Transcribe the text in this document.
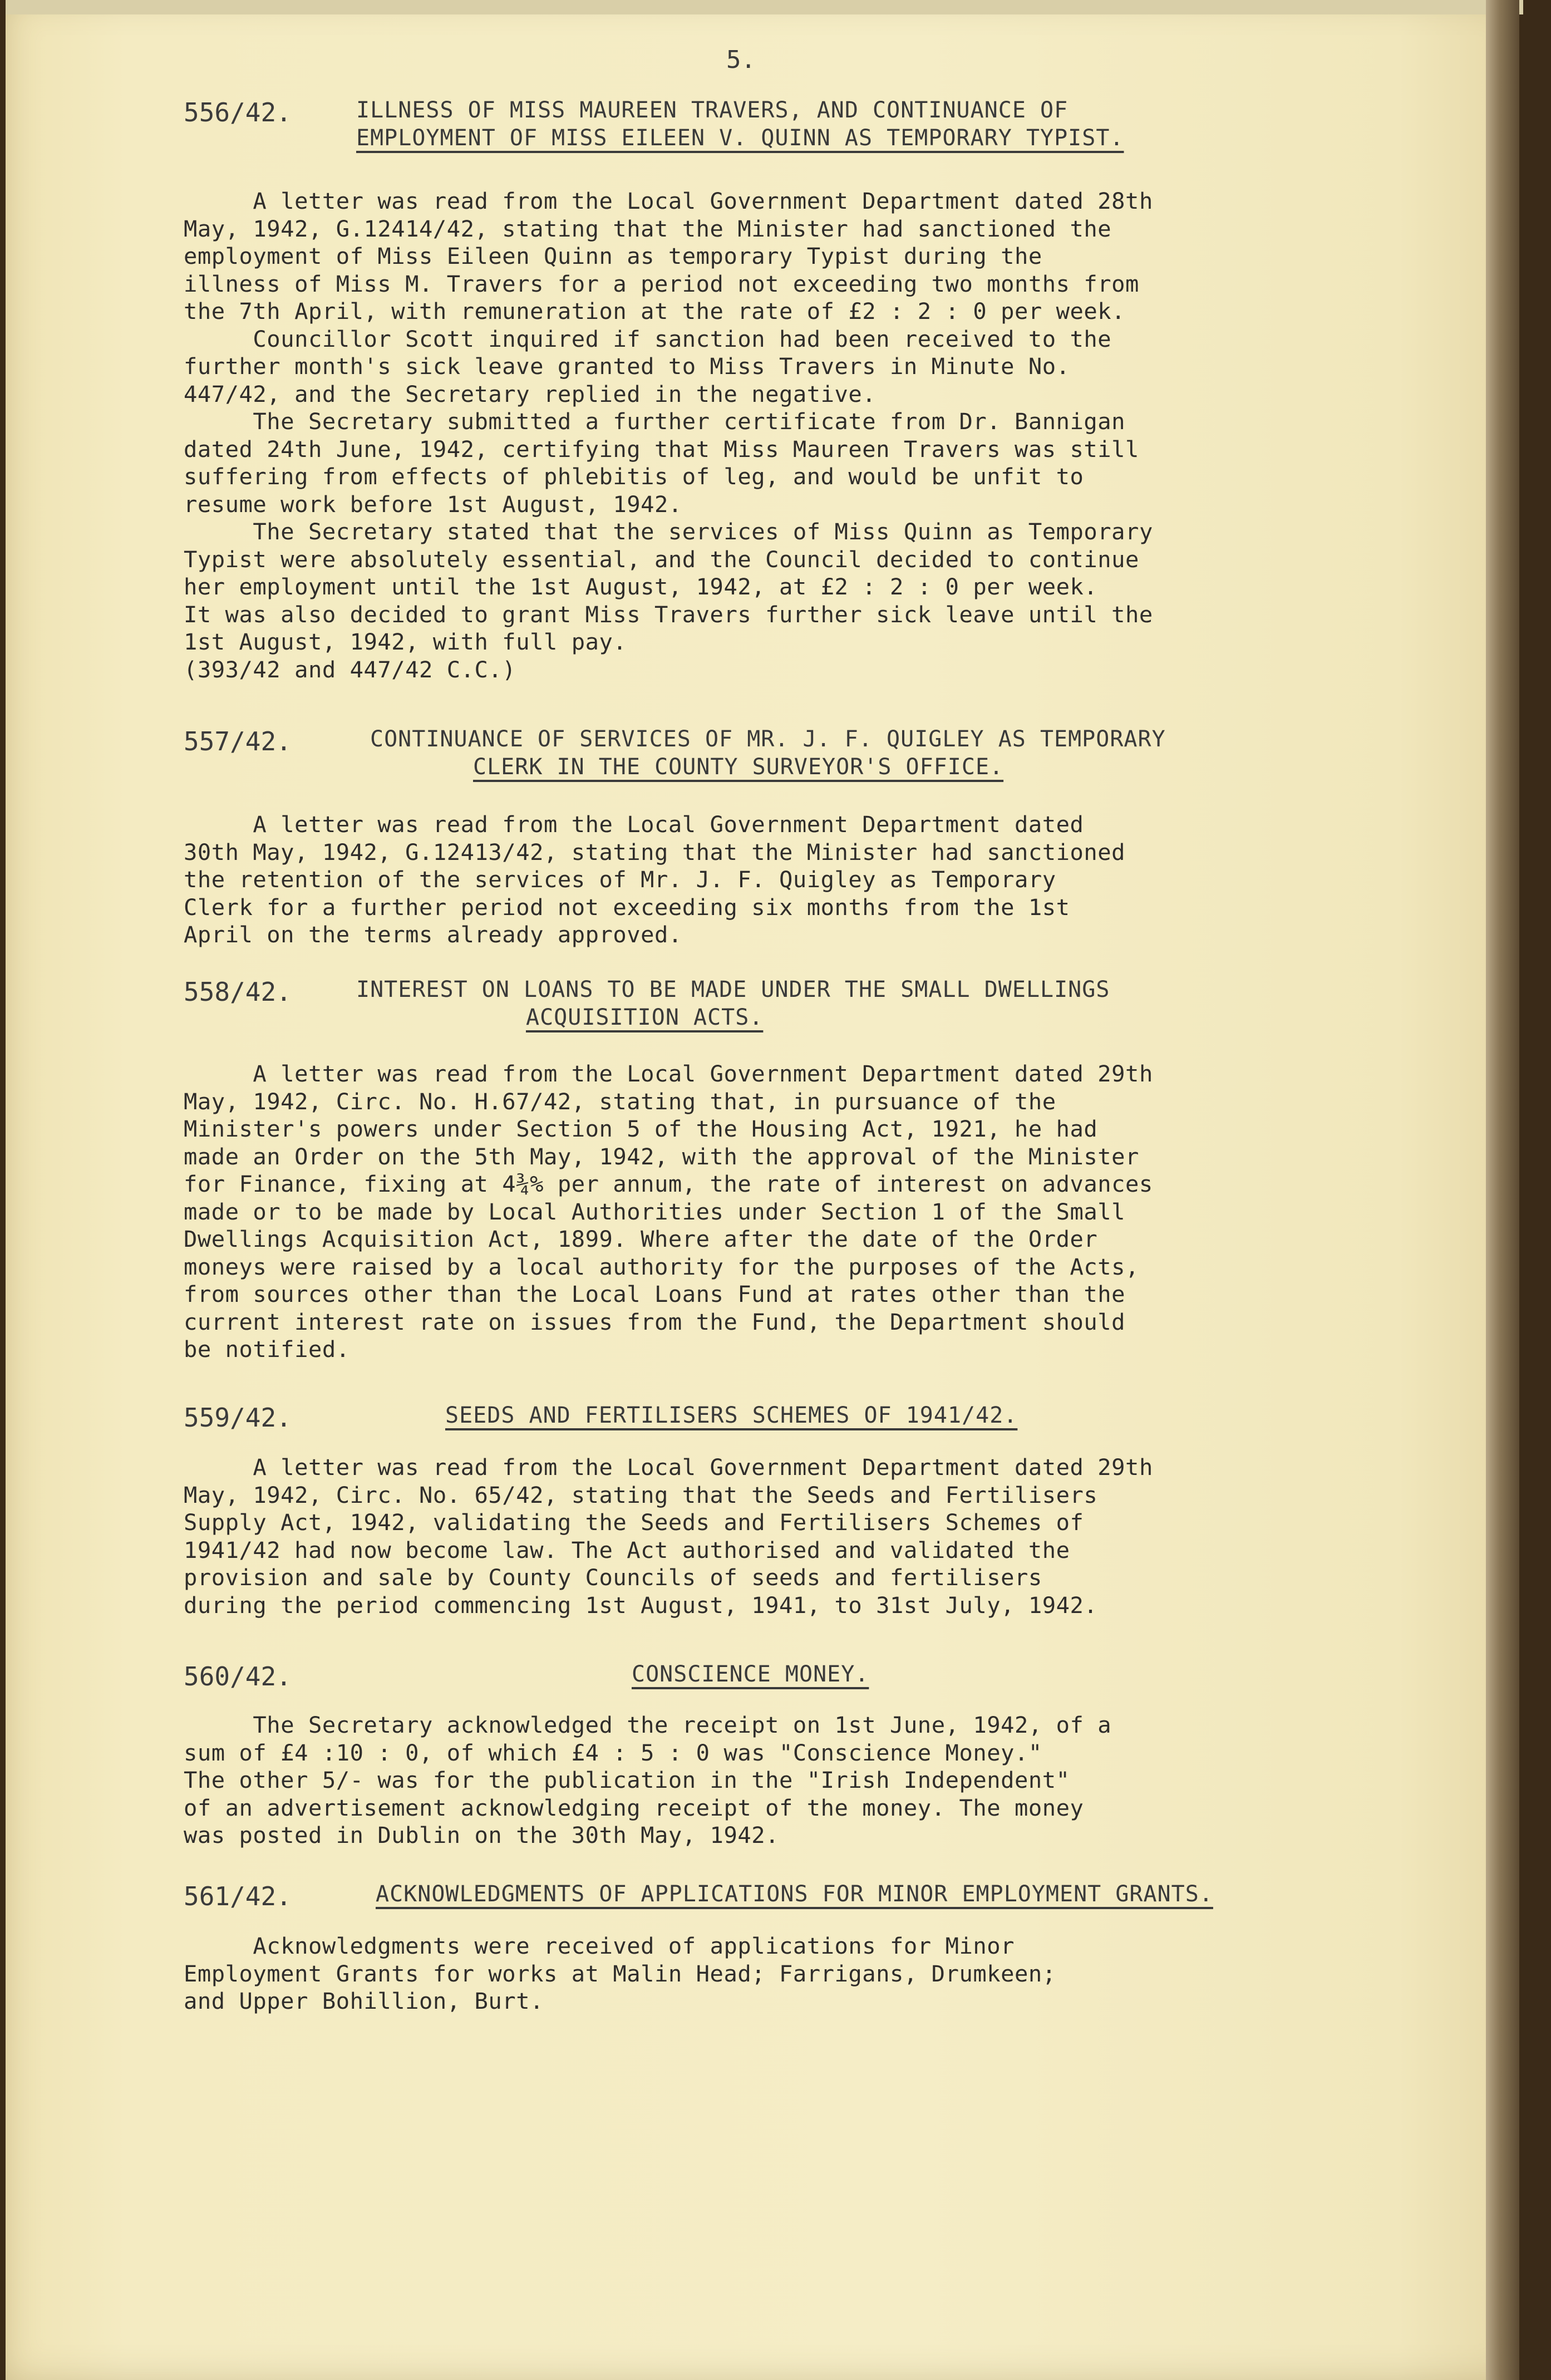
5.
556/42.	ILLNESS OF MISS MAUREEN TRAVERS, AND CONTINUANCE OF
EMPLOYMENT OF MISS EILEEN V. QUINN AS TEMPORARY TYPIST.
A letter was read from the Local Government Department dated 28th
May, 1942, G.12414/42, stating that the Minister had sanctioned the
employment of Miss Eileen Quinn as temporary Typist during the
illness of Miss M. Travers for a period not exceeding two months from
the 7th April, with remuneration at the rate of £2 : 2 : 0 per week.
Councillor Scott inquired if sanction had been received to the
further month's sick leave granted to Miss Travers in Minute No.
447/42, and the Secretary replied in the negative.
The Secretary submitted a further certificate from Dr. Bannigan
dated 24th June, 1942, certifying that Miss Maureen Travers was still
suffering from effects of phlebitis of leg, and would be unfit to
resume work before 1st August, 1942.
The Secretary stated that the services of Miss Quinn as Temporary
Typist were absolutely essential, and the Council decided to continue
her employment until the 1st August, 1942, at £2 : 2 : 0 per week.
It was also decided to grant Miss Travers further sick leave until the
1st August, 1942, with full pay.
(393/42 and 447/42 C.C.)
557/42.	CONTINUANCE OF SERVICES OF MR. J. F. QUIGLEY AS TEMPORARY
CLERK IN THE COUNTY SURVEYOR'S OFFICE.
A letter was read from the Local Government Department dated
30th May, 1942, G.12413/42, stating that the Minister had sanctioned
the retention of the services of Mr. J. F. Quigley as Temporary
Clerk for a further period not exceeding six months from the 1st
April on the terms already approved.
558/42.	INTEREST ON LOANS TO BE MADE UNDER THE SMALL DWELLINGS
ACQUISITION ACTS.
A letter was read from the Local Government Department dated 29th
May, 1942, Circ. No. H.67/42, stating that, in pursuance of the
Minister's powers under Section 5 of the Housing Act, 1921, he had
made an Order on the 5th May, 1942, with the approval of the Minister
for Finance, fixing at 4¾% per annum, the rate of interest on advances
made or to be made by Local Authorities under Section 1 of the Small
Dwellings Acquisition Act, 1899. Where after the date of the Order
moneys were raised by a local authority for the purposes of the Acts,
from sources other than the Local Loans Fund at rates other than the
current interest rate on issues from the Fund, the Department should
be notified.
559/42.	SEEDS AND FERTILISERS SCHEMES OF 1941/42.
A letter was read from the Local Government Department dated 29th
May, 1942, Circ. No. 65/42, stating that the Seeds and Fertilisers
Supply Act, 1942, validating the Seeds and Fertilisers Schemes of
1941/42 had now become law. The Act authorised and validated the
provision and sale by County Councils of seeds and fertilisers
during the period commencing 1st August, 1941, to 31st July, 1942.
560/42.	CONSCIENCE MONEY.
The Secretary acknowledged the receipt on 1st June, 1942, of a
sum of £4 :10 : 0, of which £4 : 5 : 0 was "Conscience Money."
The other 5/- was for the publication in the "Irish Independent"
of an advertisement acknowledging receipt of the money. The money
was posted in Dublin on the 30th May, 1942.
561/42.	ACKNOWLEDGMENTS OF APPLICATIONS FOR MINOR EMPLOYMENT GRANTS.
Acknowledgments were received of applications for Minor
Employment Grants for works at Malin Head; Farrigans, Drumkeen;
and Upper Bohillion, Burt.
